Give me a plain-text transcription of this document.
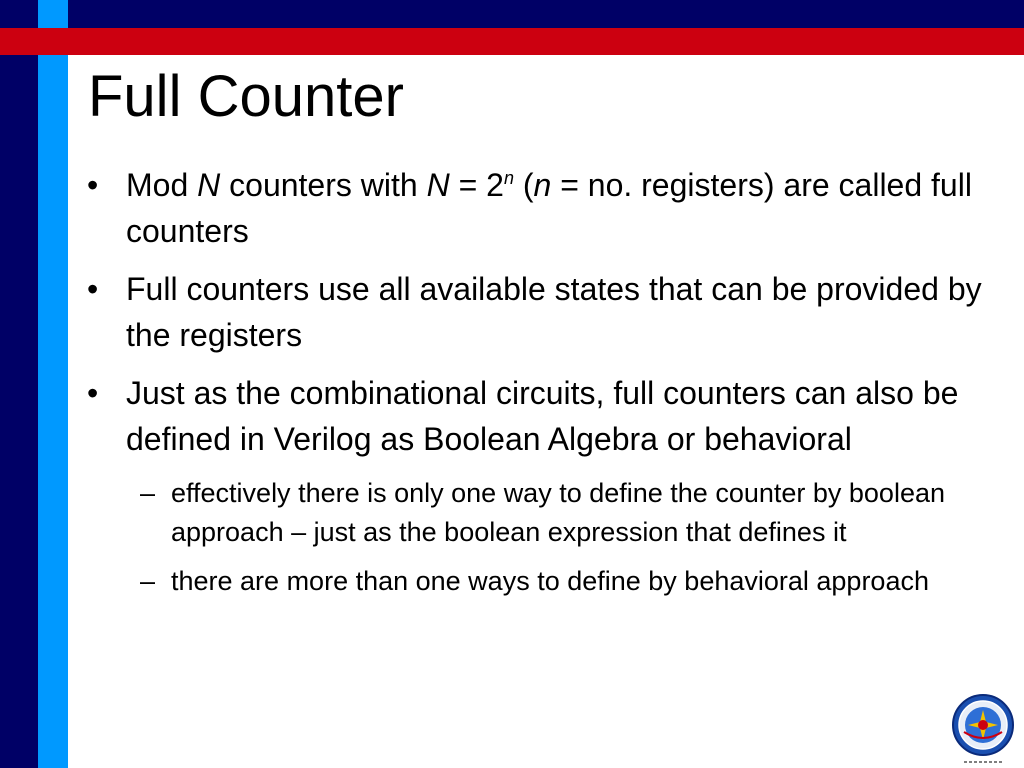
Full Counter
• Mod N counters with $N = 2^n$ (n = no. registers) are called full counters
• Full counters use all available states that can be provided by the registers
• Just as the combinational circuits, full counters can also be defined in Verilog as Boolean Algebra or behavioral
– effectively there is only one way to define the counter by boolean approach – just as the boolean expression that defines it
– there are more than one ways to define by behavioral approach
